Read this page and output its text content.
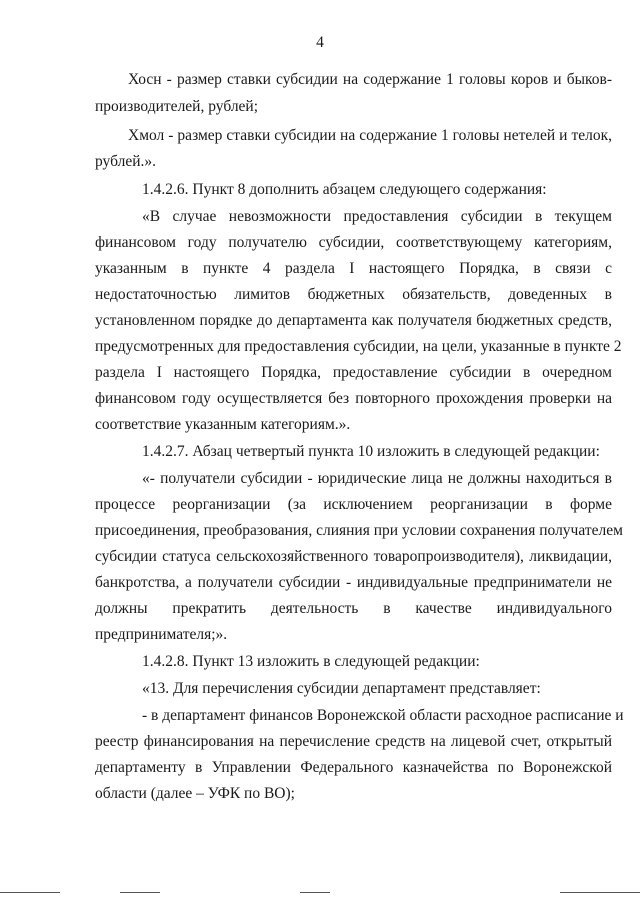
4
Хосн - размер ставки субсидии на содержание 1 головы коров и быков-
производителей, рублей;
Хмол - размер ставки субсидии на содержание 1 головы нетелей и телок,
рублей.».
1.4.2.6. Пункт 8 дополнить абзацем следующего содержания:
«В случае невозможности предоставления субсидии в текущем
финансовом году получателю субсидии, соответствующему категориям,
указанным в пункте 4 раздела I настоящего Порядка, в связи с
недостаточностью лимитов бюджетных обязательств, доведенных в
установленном порядке до департамента как получателя бюджетных средств,
предусмотренных для предоставления субсидии, на цели, указанные в пункте 2
раздела I настоящего Порядка, предоставление субсидии в очередном
финансовом году осуществляется без повторного прохождения проверки на
соответствие указанным категориям.».
1.4.2.7. Абзац четвертый пункта 10 изложить в следующей редакции:
«- получатели субсидии - юридические лица не должны находиться в
процессе реорганизации (за исключением реорганизации в форме
присоединения, преобразования, слияния при условии сохранения получателем
субсидии статуса сельскохозяйственного товаропроизводителя), ликвидации,
банкротства, а получатели субсидии - индивидуальные предприниматели не
должны прекратить деятельность в качестве индивидуального
предпринимателя;».
1.4.2.8. Пункт 13 изложить в следующей редакции:
«13. Для перечисления субсидии департамент представляет:
- в департамент финансов Воронежской области расходное расписание и
реестр финансирования на перечисление средств на лицевой счет, открытый
департаменту в Управлении Федерального казначейства по Воронежской
области (далее – УФК по ВО);
